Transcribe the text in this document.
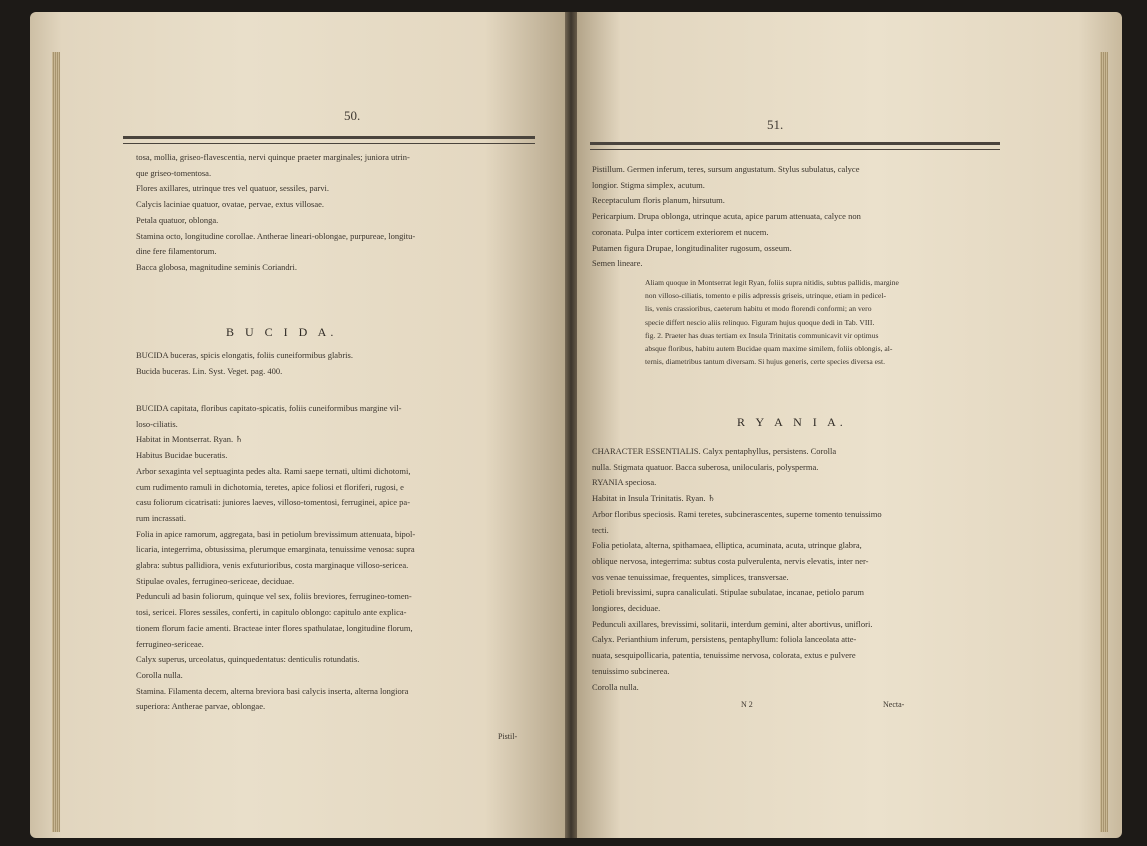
50.

tosa, mollia, griseo-flavescentia, nervi quinque praeter marginales; juniora utrin-

que griseo-tomentosa.

Flores axillares, utrinque tres vel quatuor, sessiles, parvi.

Calycis laciniae quatuor, ovatae, pervae, extus villosae.

Petala quatuor, oblonga.

Stamina octo, longitudine corollae. Antherae lineari-oblongae, purpureae, longitu-

dine fere filamentorum.

Bacca globosa, magnitudine seminis Coriandri.

B U C I D A.

BUCIDA buceras, spicis elongatis, foliis cuneiformibus glabris.

Bucida buceras. Lin. Syst. Veget. pag. 400.

BUCIDA capitata, floribus capitato-spicatis, foliis cuneiformibus margine vil-

loso-ciliatis.

Habitat in Montserrat. Ryan. ♄

Habitus Bucidae buceratis.

Arbor sexaginta vel septuaginta pedes alta. Rami saepe ternati, ultimi dichotomi,

cum rudimento ramuli in dichotomia, teretes, apice foliosi et floriferi, rugosi, e

casu foliorum cicatrisati: juniores laeves, villoso-tomentosi, ferruginei, apice pa-

rum incrassati.

Folia in apice ramorum, aggregata, basi in petiolum brevissimum attenuata, bipol-

licaria, integerrima, obtusissima, plerumque emarginata, tenuissime venosa: supra

glabra: subtus pallidiora, venis exfuturioribus, costa marginaque villoso-sericea.

Stipulae ovales, ferrugineo-sericeae, deciduae.

Pedunculi ad basin foliorum, quinque vel sex, foliis breviores, ferrugineo-tomen-

tosi, sericei. Flores sessiles, conferti, in capitulo oblongo: capitulo ante explica-

tionem florum facie amenti. Bracteae inter flores spathulatae, longitudine florum,

ferrugineo-sericeae.

Calyx superus, urceolatus, quinquedentatus: denticulis rotundatis.

Corolla nulla.

Stamina. Filamenta decem, alterna breviora basi calycis inserta, alterna longiora

superiora: Antherae parvae, oblongae.

Pistil-
51.

Pistillum. Germen inferum, teres, sursum angustatum. Stylus subulatus, calyce

longior. Stigma simplex, acutum.

Receptaculum floris planum, hirsutum.

Pericarpium. Drupa oblonga, utrinque acuta, apice parum attenuata, calyce non

coronata. Pulpa inter corticem exteriorem et nucem.

Putamen figura Drupae, longitudinaliter rugosum, osseum.

Semen lineare.

Aliam quoque in Montserrat legit Ryan, foliis supra nitidis, subtus pallidis, margine

non villoso-ciliatis, tomento e pilis adpressis griseis, utrinque, etiam in pedicel-

lis, venis crassioribus, caeterum habitu et modo florendi conformi; an vero

specie differt nescio aliis relinquo. Figuram hujus quoque dedi in Tab. VIII.

fig. 2. Praeter has duas tertiam ex Insula Trinitatis communicavit vir optimus

absque floribus, habitu autem Bucidae quam maxime similem, foliis oblongis, al-

ternis, diametribus tantum diversam. Si hujus generis, certe species diversa est.

R Y A N I A.

CHARACTER ESSENTIALIS. Calyx pentaphyllus, persistens. Corolla

nulla. Stigmata quatuor. Bacca suberosa, unilocularis, polysperma.

RYANIA speciosa.

Habitat in Insula Trinitatis. Ryan. ♄

Arbor floribus speciosis. Rami teretes, subcinerascentes, superne tomento tenuissimo

tecti.

Folia petiolata, alterna, spithamaea, elliptica, acuminata, acuta, utrinque glabra,

oblique nervosa, integerrima: subtus costa pulverulenta, nervis elevatis, inter ner-

vos venae tenuissimae, frequentes, simplices, transversae.

Petioli brevissimi, supra canaliculati. Stipulae subulatae, incanae, petiolo parum

longiores, deciduae.

Pedunculi axillares, brevissimi, solitarii, interdum gemini, alter abortivus, uniflori.

Calyx. Perianthium inferum, persistens, pentaphyllum: foliola lanceolata atte-

nuata, sesquipollicaria, patentia, tenuissime nervosa, colorata, extus e pulvere

tenuissimo subcinerea.

Corolla nulla.

N 2	Necta-
